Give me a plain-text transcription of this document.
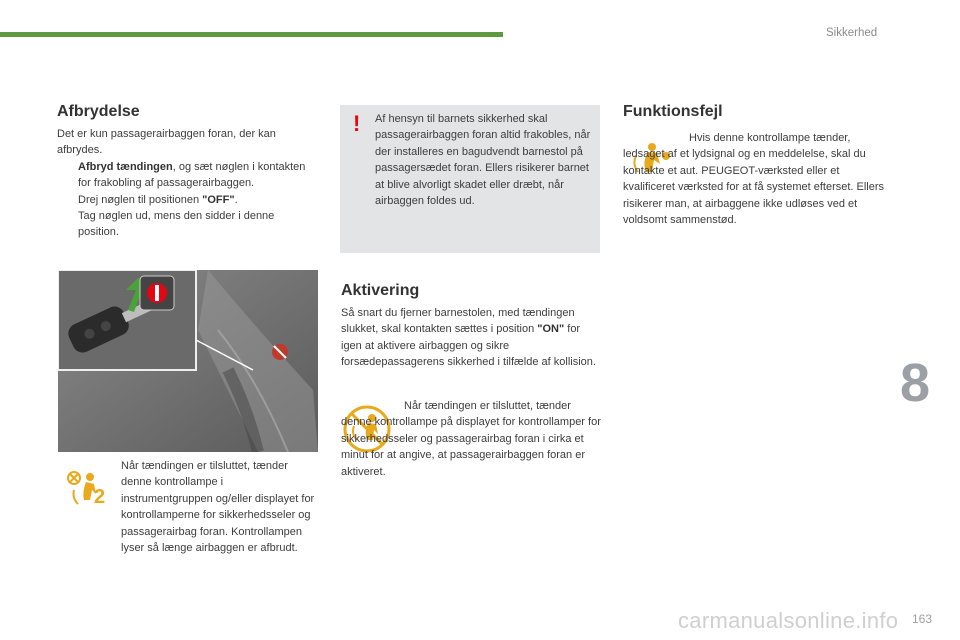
Sikkerhed
Afbrydelse
Det er kun passagerairbaggen foran, der kan afbrydes.
Afbryd tændingen, og sæt nøglen i kontakten for frakobling af passagerairbaggen.
Drej nøglen til positionen "OFF".
Tag nøglen ud, mens den sidder i denne position.
2
Når tændingen er tilsluttet, tænder denne kontrollampe i instrumentgruppen og/eller displayet for kontrollamperne for sikkerhedsseler og passagerairbag foran. Kontrollampen lyser så længe airbaggen er afbrudt.
! Af hensyn til barnets sikkerhed skal passagerairbaggen foran altid frakobles, når der installeres en bagudvendt barnestol på passagersædet foran. Ellers risikerer barnet at blive alvorligt skadet eller dræbt, når airbaggen foldes ud.
Aktivering
Så snart du fjerner barnestolen, med tændingen slukket, skal kontakten sættes i position "ON" for igen at aktivere airbaggen og sikre forsædepassagerens sikkerhed i tilfælde af kollision.
Når tændingen er tilsluttet, tænder denne kontrollampe på displayet for kontrollamper for sikkerhedsseler og passagerairbag foran i cirka et minut for at angive, at passagerairbaggen foran er aktiveret.
Funktionsfejl
Hvis denne kontrollampe tænder, ledsaget af et lydsignal og en meddelelse, skal du kontakte et aut. PEUGEOT-værksted eller et kvalificeret værksted for at få systemet efterset. Ellers risikerer man, at airbaggene ikke udløses ved et voldsomt sammenstød.
8
carmanualsonline.info 163
